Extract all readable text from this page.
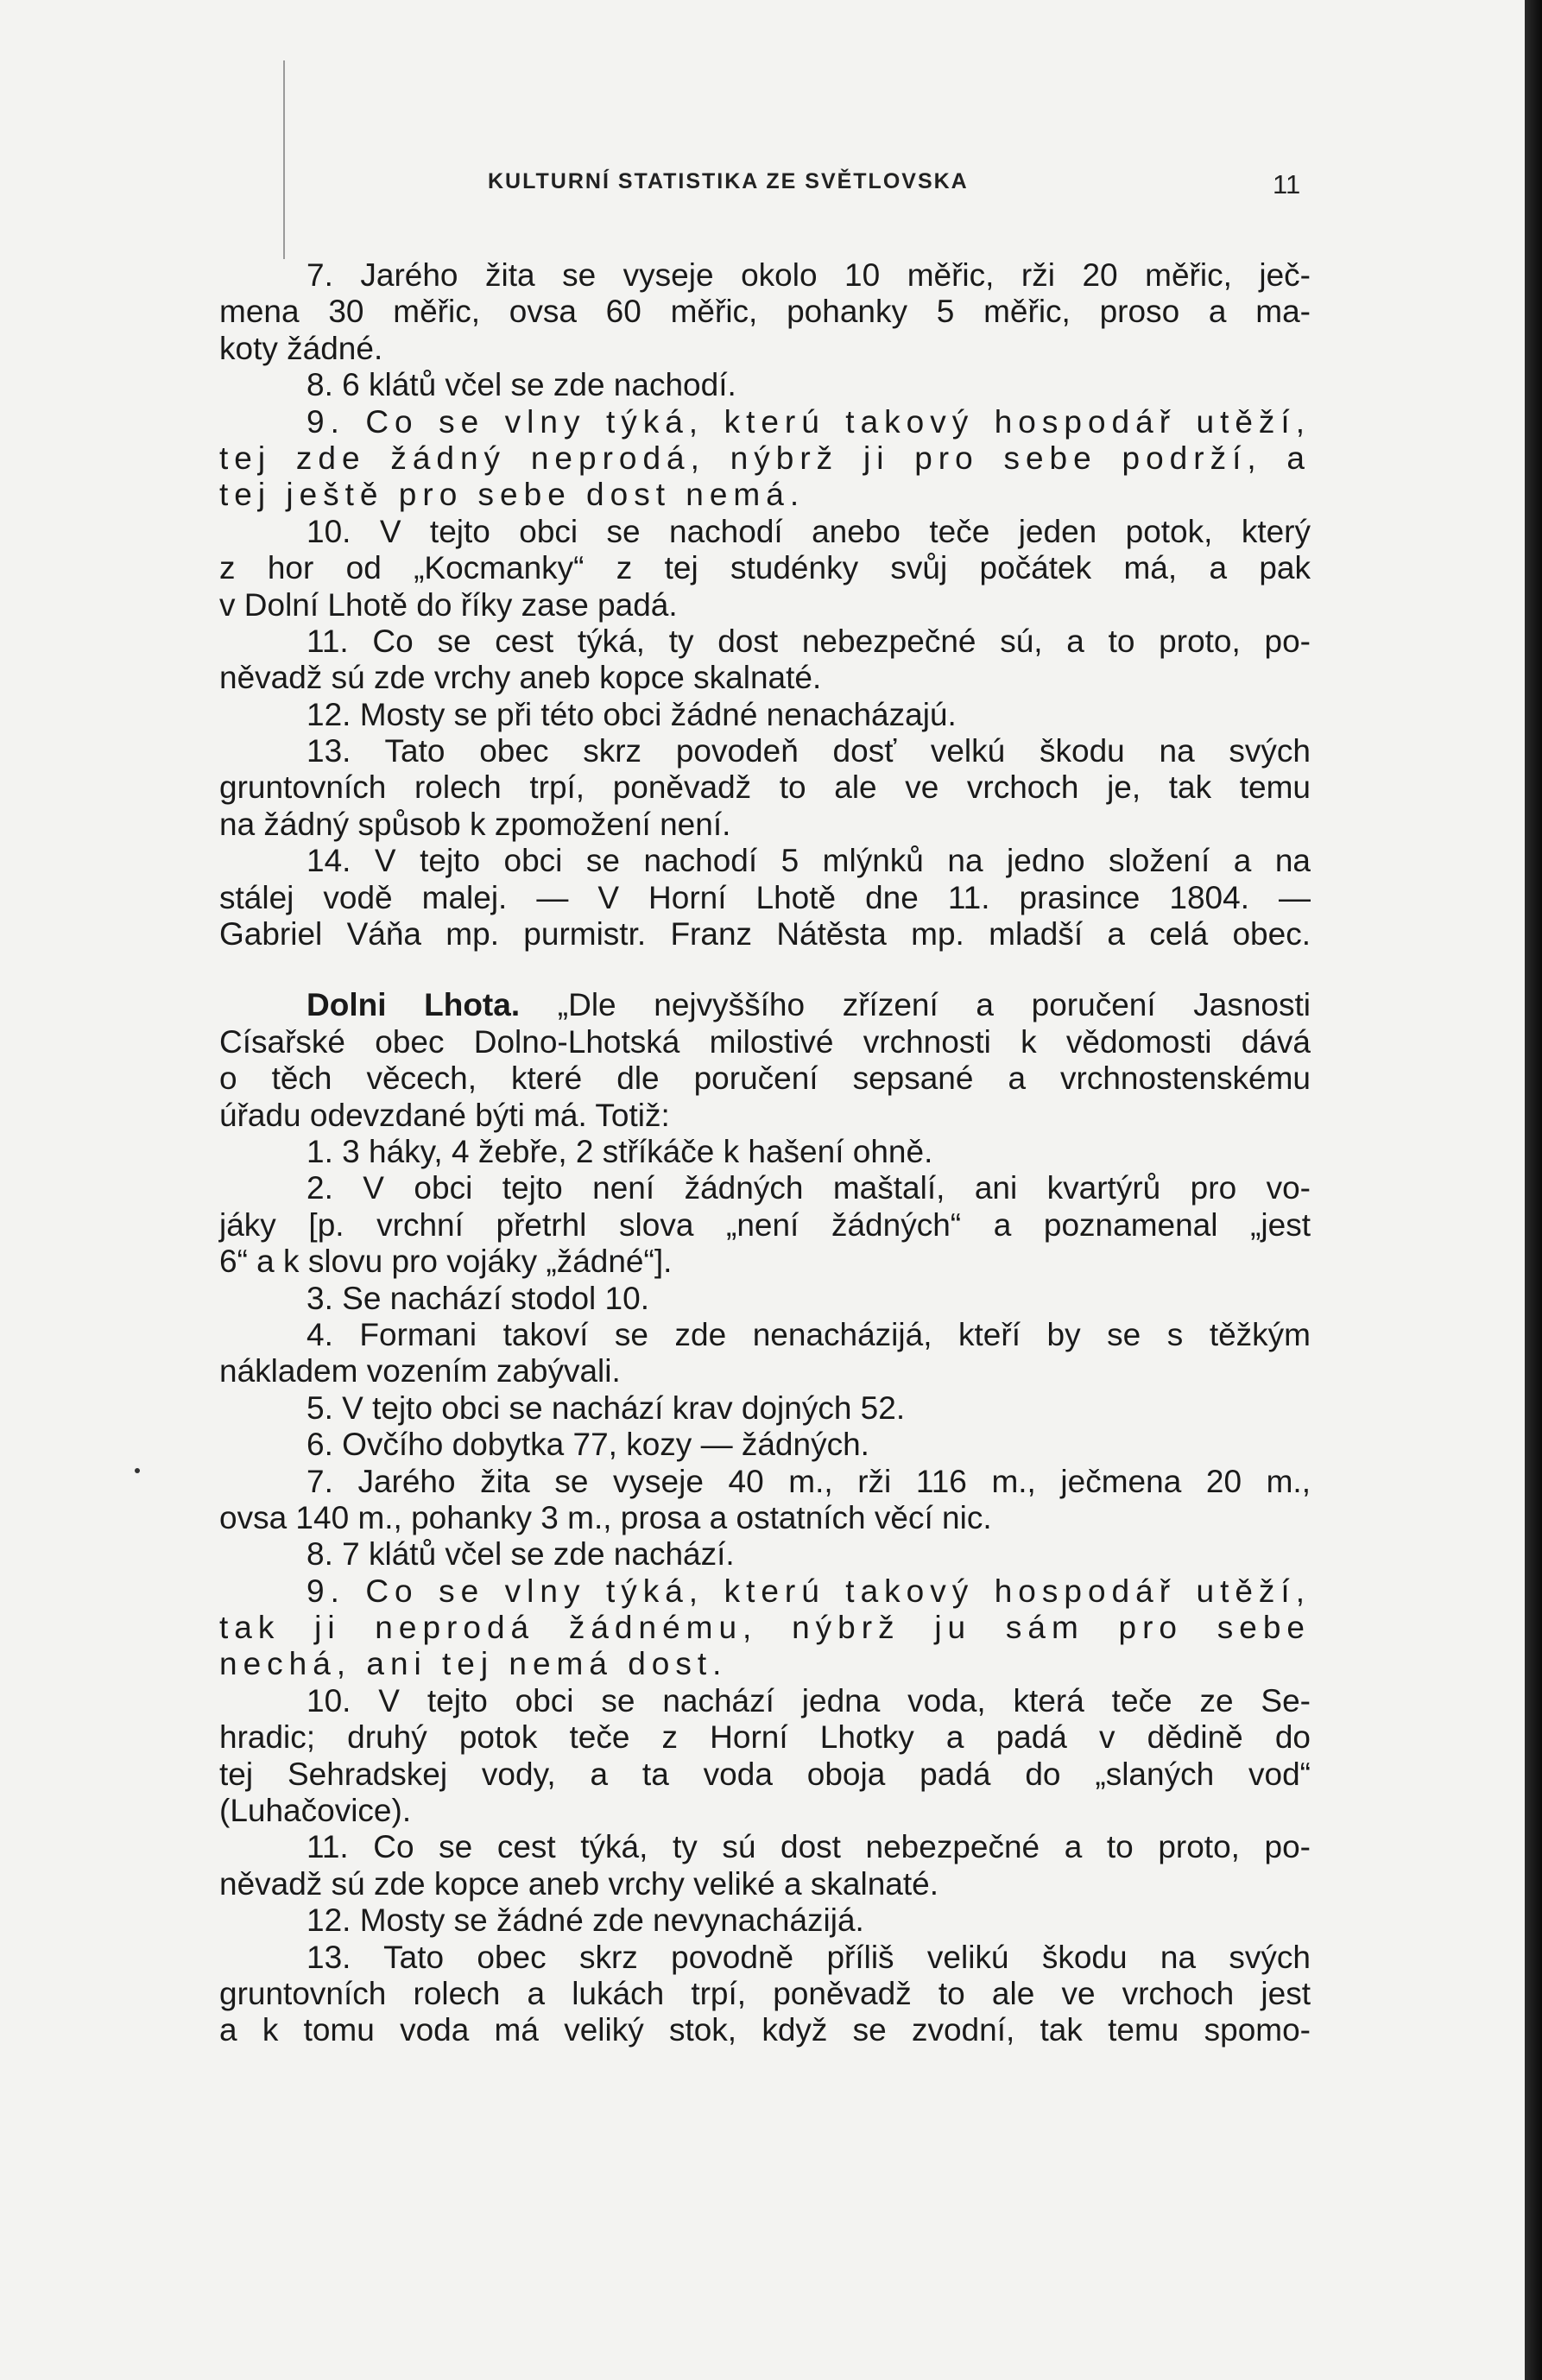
KULTURNÍ STATISTIKA ZE SVĚTLOVSKA	11
7. Jarého žita se vyseje okolo 10 měřic, rži 20 měřic, ječ-
mena 30 měřic, ovsa 60 měřic, pohanky 5 měřic, proso a ma-
koty žádné.
8. 6 klátů včel se zde nachodí.
9. Co se vlny týká, kterú takový hospodář utěží,
tej zde žádný neprodá, nýbrž ji pro sebe podrží, a
tej ještě pro sebe dost nemá.
10. V tejto obci se nachodí anebo teče jeden potok, který
z hor od „Kocmanky“ z tej studénky svůj počátek má, a pak
v Dolní Lhotě do říky zase padá.
11. Co se cest týká, ty dost nebezpečné sú, a to proto, po-
něvadž sú zde vrchy aneb kopce skalnaté.
12. Mosty se při této obci žádné nenacházajú.
13. Tato obec skrz povodeň dosť velkú škodu na svých
gruntovních rolech trpí, poněvadž to ale ve vrchoch je, tak temu
na žádný spůsob k zpomožení není.
14. V tejto obci se nachodí 5 mlýnků na jedno složení a na
stálej vodě malej. — V Horní Lhotě dne 11. prasince 1804. —
Gabriel Váňa mp. purmistr. Franz Nátěsta mp. mladší a celá obec.
Dolni Lhota. „Dle nejvyššího zřízení a poručení Jasnosti
Císařské obec Dolno-Lhotská milostivé vrchnosti k vědomosti dává
o těch věcech, které dle poručení sepsané a vrchnostenskému
úřadu odevzdané býti má. Totiž:
1. 3 háky, 4 žebře, 2 stříkáče k hašení ohně.
2. V obci tejto není žádných maštalí, ani kvartýrů pro vo-
jáky [p. vrchní přetrhl slova „není žádných“ a poznamenal „jest
6“ a k slovu pro vojáky „žádné“].
3. Se nachází stodol 10.
4. Formani takoví se zde nenacházijá, kteří by se s těžkým
nákladem vozením zabývali.
5. V tejto obci se nachází krav dojných 52.
6. Ovčího dobytka 77, kozy — žádných.
7. Jarého žita se vyseje 40 m., rži 116 m., ječmena 20 m.,
ovsa 140 m., pohanky 3 m., prosa a ostatních věcí nic.
8. 7 klátů včel se zde nachází.
9. Co se vlny týká, kterú takový hospodář utěží,
tak ji neprodá žádnému, nýbrž ju sám pro sebe
nechá, ani tej nemá dost.
10. V tejto obci se nachází jedna voda, která teče ze Se-
hradic; druhý potok teče z Horní Lhotky a padá v dědině do
tej Sehradskej vody, a ta voda oboja padá do „slaných vod“
(Luhačovice).
11. Co se cest týká, ty sú dost nebezpečné a to proto, po-
něvadž sú zde kopce aneb vrchy veliké a skalnaté.
12. Mosty se žádné zde nevynacházijá.
13. Tato obec skrz povodně příliš velikú škodu na svých
gruntovních rolech a lukách trpí, poněvadž to ale ve vrchoch jest
a k tomu voda má veliký stok, když se zvodní, tak temu spomo-
